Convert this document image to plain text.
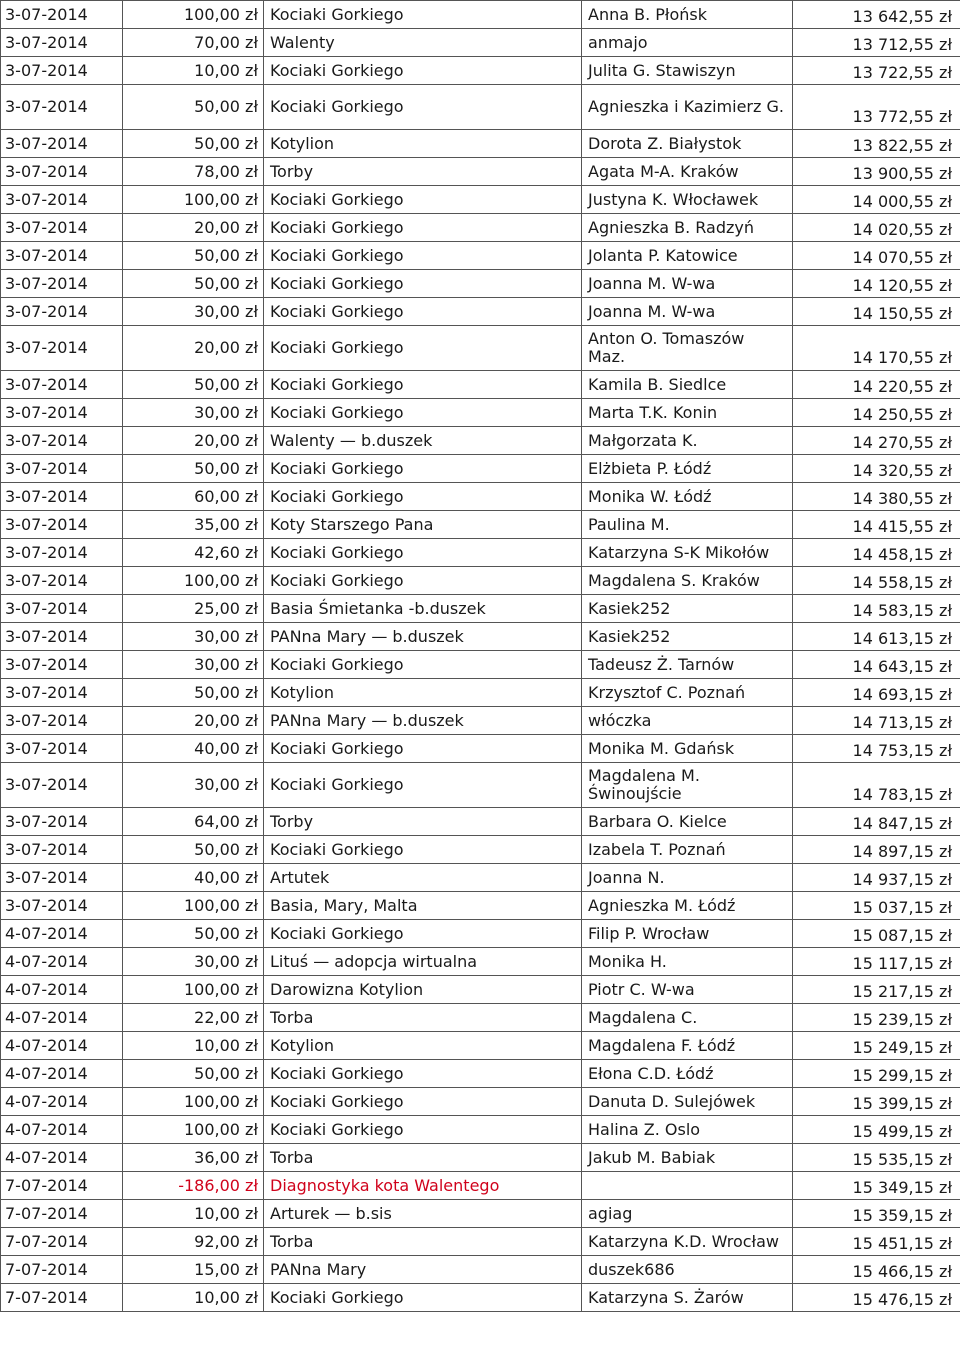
3-07-2014	100,00 zł	Kociaki Gorkiego	Anna B. Płońsk	13 642,55 zł
3-07-2014	70,00 zł	Walenty	anmajo	13 712,55 zł
3-07-2014	10,00 zł	Kociaki Gorkiego	Julita G. Stawiszyn	13 722,55 zł
3-07-2014	50,00 zł	Kociaki Gorkiego	Agnieszka i Kazimierz G.	13 772,55 zł
3-07-2014	50,00 zł	Kotylion	Dorota Z. Białystok	13 822,55 zł
3-07-2014	78,00 zł	Torby	Agata M-A. Kraków	13 900,55 zł
3-07-2014	100,00 zł	Kociaki Gorkiego	Justyna K. Włocławek	14 000,55 zł
3-07-2014	20,00 zł	Kociaki Gorkiego	Agnieszka B. Radzyń	14 020,55 zł
3-07-2014	50,00 zł	Kociaki Gorkiego	Jolanta P. Katowice	14 070,55 zł
3-07-2014	50,00 zł	Kociaki Gorkiego	Joanna M. W-wa	14 120,55 zł
3-07-2014	30,00 zł	Kociaki Gorkiego	Joanna M. W-wa	14 150,55 zł
3-07-2014	20,00 zł	Kociaki Gorkiego	Anton O. Tomaszów Maz.	14 170,55 zł
3-07-2014	50,00 zł	Kociaki Gorkiego	Kamila B. Siedlce	14 220,55 zł
3-07-2014	30,00 zł	Kociaki Gorkiego	Marta T.K. Konin	14 250,55 zł
3-07-2014	20,00 zł	Walenty — b.duszek	Małgorzata K.	14 270,55 zł
3-07-2014	50,00 zł	Kociaki Gorkiego	Elżbieta P. Łódź	14 320,55 zł
3-07-2014	60,00 zł	Kociaki Gorkiego	Monika W. Łódź	14 380,55 zł
3-07-2014	35,00 zł	Koty Starszego Pana	Paulina M.	14 415,55 zł
3-07-2014	42,60 zł	Kociaki Gorkiego	Katarzyna S-K Mikołów	14 458,15 zł
3-07-2014	100,00 zł	Kociaki Gorkiego	Magdalena S. Kraków	14 558,15 zł
3-07-2014	25,00 zł	Basia Śmietanka -b.duszek	Kasiek252	14 583,15 zł
3-07-2014	30,00 zł	PANna Mary — b.duszek	Kasiek252	14 613,15 zł
3-07-2014	30,00 zł	Kociaki Gorkiego	Tadeusz Ż. Tarnów	14 643,15 zł
3-07-2014	50,00 zł	Kotylion	Krzysztof C. Poznań	14 693,15 zł
3-07-2014	20,00 zł	PANna Mary — b.duszek	włóczka	14 713,15 zł
3-07-2014	40,00 zł	Kociaki Gorkiego	Monika M. Gdańsk	14 753,15 zł
3-07-2014	30,00 zł	Kociaki Gorkiego	Magdalena M. Świnoujście	14 783,15 zł
3-07-2014	64,00 zł	Torby	Barbara O. Kielce	14 847,15 zł
3-07-2014	50,00 zł	Kociaki Gorkiego	Izabela T. Poznań	14 897,15 zł
3-07-2014	40,00 zł	Artutek	Joanna N.	14 937,15 zł
3-07-2014	100,00 zł	Basia, Mary, Malta	Agnieszka M. Łódź	15 037,15 zł
4-07-2014	50,00 zł	Kociaki Gorkiego	Filip P. Wrocław	15 087,15 zł
4-07-2014	30,00 zł	Lituś — adopcja wirtualna	Monika H.	15 117,15 zł
4-07-2014	100,00 zł	Darowizna Kotylion	Piotr C. W-wa	15 217,15 zł
4-07-2014	22,00 zł	Torba	Magdalena C.	15 239,15 zł
4-07-2014	10,00 zł	Kotylion	Magdalena F. Łódź	15 249,15 zł
4-07-2014	50,00 zł	Kociaki Gorkiego	Ełona C.D. Łódź	15 299,15 zł
4-07-2014	100,00 zł	Kociaki Gorkiego	Danuta D. Sulejówek	15 399,15 zł
4-07-2014	100,00 zł	Kociaki Gorkiego	Halina Z. Oslo	15 499,15 zł
4-07-2014	36,00 zł	Torba	Jakub M. Babiak	15 535,15 zł
7-07-2014	-186,00 zł	Diagnostyka kota Walentego		15 349,15 zł
7-07-2014	10,00 zł	Arturek — b.sis	agiag	15 359,15 zł
7-07-2014	92,00 zł	Torba	Katarzyna K.D. Wrocław	15 451,15 zł
7-07-2014	15,00 zł	PANna Mary	duszek686	15 466,15 zł
7-07-2014	10,00 zł	Kociaki Gorkiego	Katarzyna S. Żarów	15 476,15 zł
